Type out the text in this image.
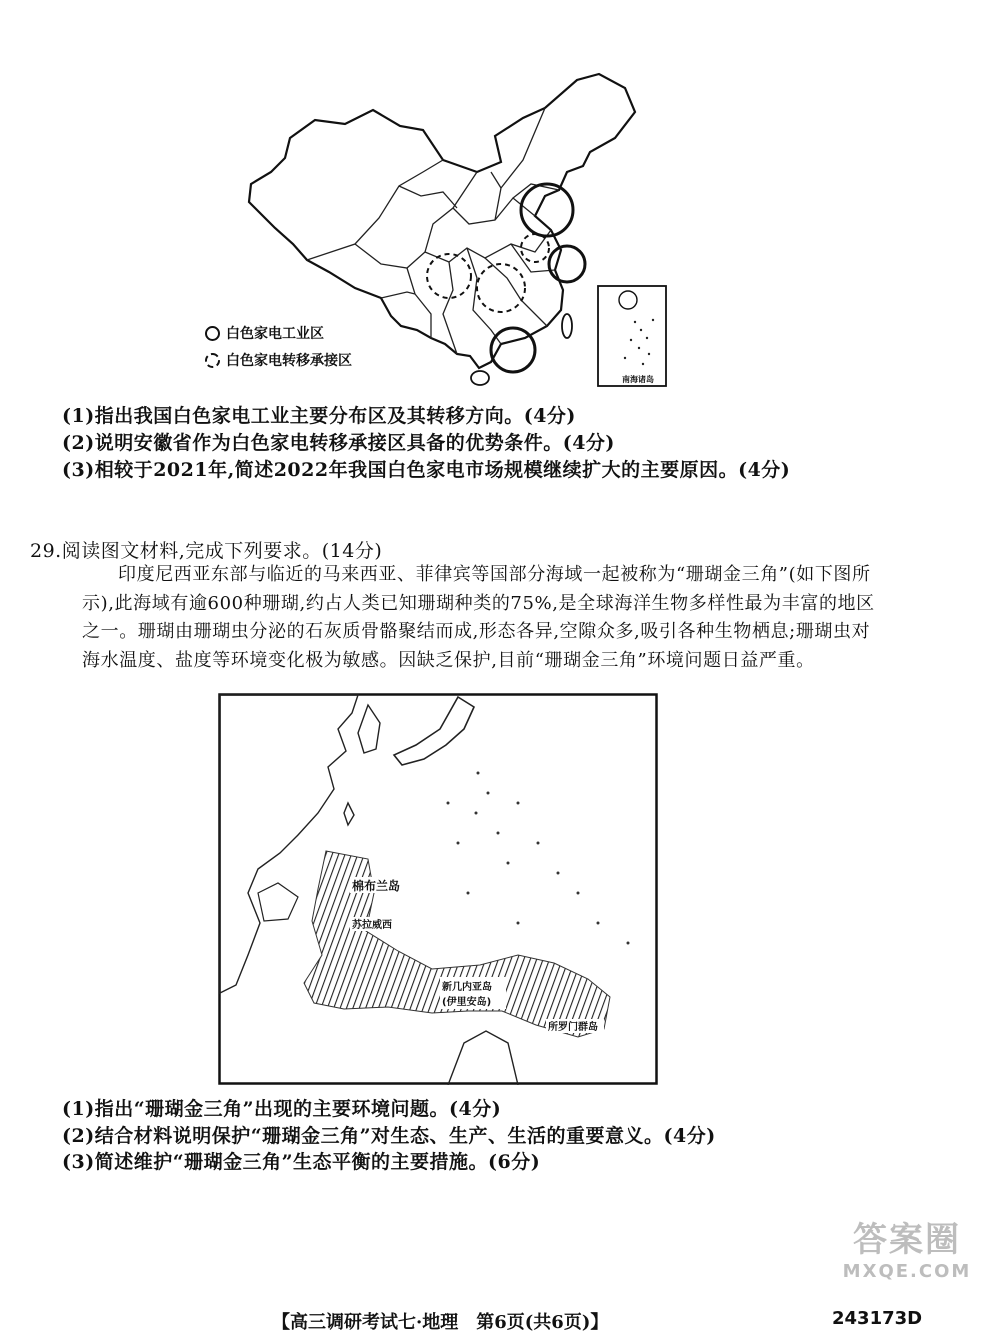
南海诸岛
白色家电工业区
白色家电转移承接区
(1)指出我国白色家电工业主要分布区及其转移方向。(4分)
(2)说明安徽省作为白色家电转移承接区具备的优势条件。(4分)
(3)相较于2021年,简述2022年我国白色家电市场规模继续扩大的主要原因。(4分)
29.阅读图文材料,完成下列要求。(14分)

印度尼西亚东部与临近的马来西亚、菲律宾等国部分海域一起被称为“珊瑚金三角”(如下图所示),此海域有逾600种珊瑚,约占人类已知珊瑚种类的75%,是全球海洋生物多样性最为丰富的地区之一。珊瑚由珊瑚虫分泌的石灰质骨骼聚结而成,形态各异,空隙众多,吸引各种生物栖息;珊瑚虫对海水温度、盐度等环境变化极为敏感。因缺乏保护,目前“珊瑚金三角”环境问题日益严重。

棉布兰岛
苏拉威西
新几内亚岛
(伊里安岛)
所罗门群岛
(1)指出“珊瑚金三角”出现的主要环境问题。(4分)
(2)结合材料说明保护“珊瑚金三角”对生态、生产、生活的重要意义。(4分)
(3)简述维护“珊瑚金三角”生态平衡的主要措施。(6分)
答案圈
MXQE.COM
【高三调研考试七·地理　第6页(共6页)】	243173D
